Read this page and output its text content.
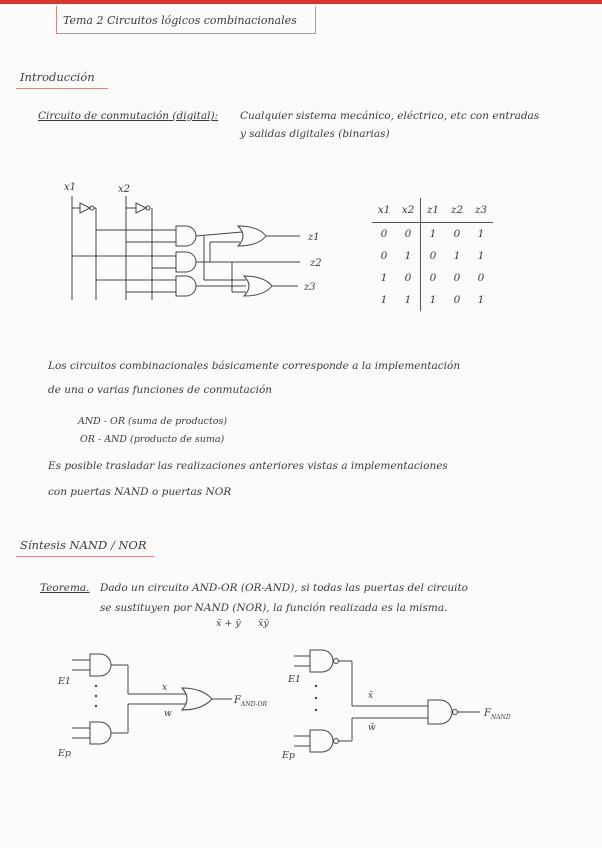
Tema 2 Circuitos lógicos combinacionales
Introducción
Circuito de conmutación (digital): Cualquier sistema mecánico, eléctrico, etc con entradas
y salidas digitales (binarias)
x1	x2	z1	z2	z3
0	0	1	0	1
0	1	0	1	1
1	0	0	0	0
1	1	1	0	1
Los circuitos combinacionales básicamente corresponde a la implementación
de una o varias funciones de conmutación
AND - OR (suma de productos)
OR - AND (producto de suma)
Es posible trasladar las realizaciones anteriores vistas a implementaciones
con puertas NAND o puertas NOR
Síntesis NAND / NOR
Teorema. Dado un circuito AND-OR (OR-AND), si todas las puertas del circuito
se sustituyen por NAND (NOR), la función realizada es la misma.
x̄ + ȳ x̄ȳ
x1	x2
z1
z2
z3
E1
Ep
x
w
F AND-OR
E1
Ep
x̄
w̄
F NAND
